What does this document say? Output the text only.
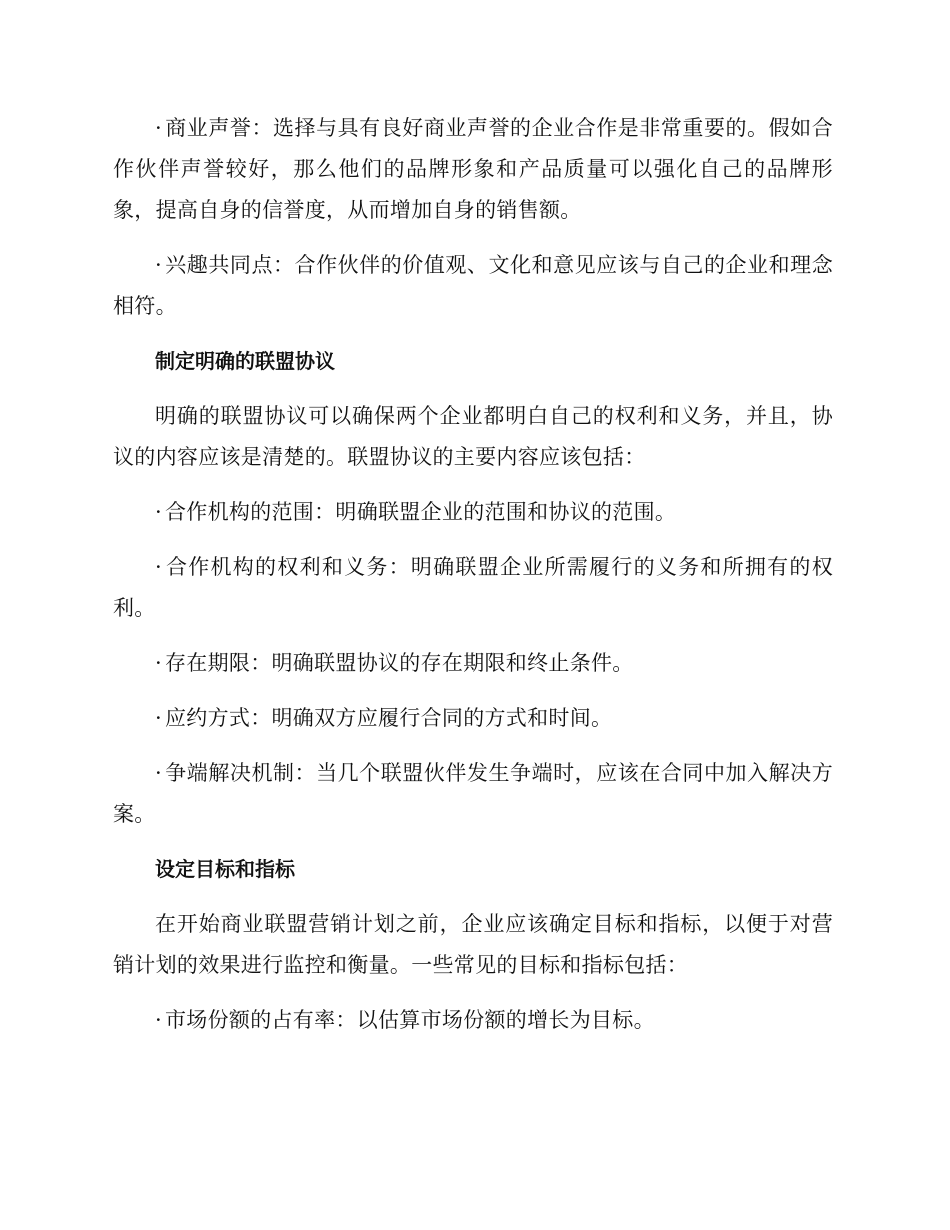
· 商业声誉：选择与具有良好商业声誉的企业合作是非常重要的。假如合作伙伴声誉较好，那么他们的品牌形象和产品质量可以强化自己的品牌形象，提高自身的信誉度，从而增加自身的销售额。

· 兴趣共同点：合作伙伴的价值观、文化和意见应该与自己的企业和理念相符。

制定明确的联盟协议

明确的联盟协议可以确保两个企业都明白自己的权利和义务，并且，协议的内容应该是清楚的。联盟协议的主要内容应该包括：

· 合作机构的范围：明确联盟企业的范围和协议的范围。

· 合作机构的权利和义务：明确联盟企业所需履行的义务和所拥有的权利。

· 存在期限：明确联盟协议的存在期限和终止条件。

· 应约方式：明确双方应履行合同的方式和时间。

· 争端解决机制：当几个联盟伙伴发生争端时，应该在合同中加入解决方案。

设定目标和指标

在开始商业联盟营销计划之前，企业应该确定目标和指标，以便于对营销计划的效果进行监控和衡量。一些常见的目标和指标包括：

· 市场份额的占有率：以估算市场份额的增长为目标。
